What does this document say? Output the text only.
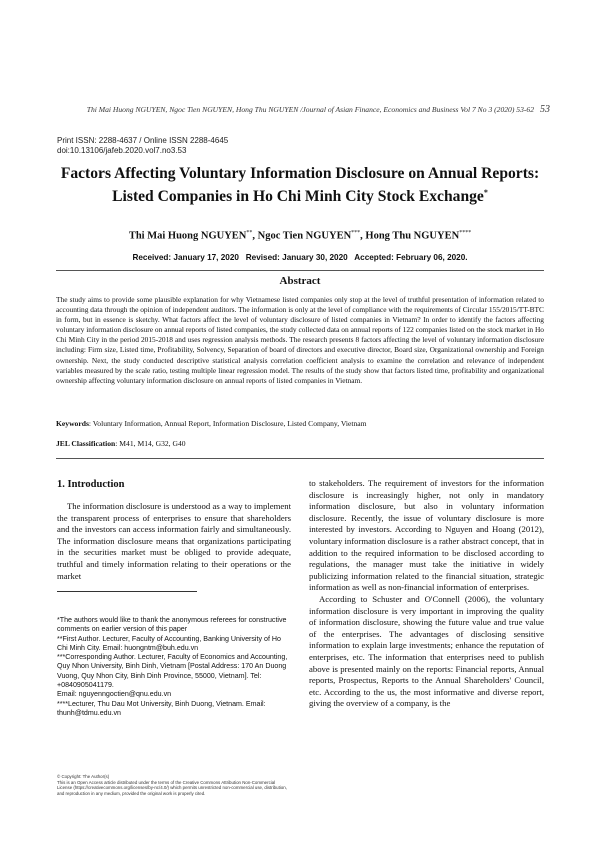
Thi Mai Huong NGUYEN, Ngoc Tien NGUYEN, Hong Thu NGUYEN /Journal of Asian Finance, Economics and Business Vol 7 No 3 (2020) 53-62 53
Print ISSN: 2288-4637 / Online ISSN 2288-4645
doi:10.13106/jafeb.2020.vol7.no3.53
Factors Affecting Voluntary Information Disclosure on Annual Reports:
Listed Companies in Ho Chi Minh City Stock Exchange*
Thi Mai Huong NGUYEN**, Ngoc Tien NGUYEN***, Hong Thu NGUYEN****
Received: January 17, 2020   Revised: January 30, 2020   Accepted: February 06, 2020.
Abstract
The study aims to provide some plausible explanation for why Vietnamese listed companies only stop at the level of truthful presentation of information related to accounting data through the opinion of independent auditors. The information is only at the level of compliance with the requirements of Circular 155/2015/TT-BTC in form, but in essence is sketchy. What factors affect the level of voluntary disclosure of listed companies in Vietnam? In order to identify the factors affecting voluntary information disclosure on annual reports of listed companies, the study collected data on annual reports of 122 companies listed on the stock market in Ho Chi Minh City in the period 2015-2018 and uses regression analysis methods. The research presents 8 factors affecting the level of voluntary information disclosure including: Firm size, Listed time, Profitability, Solvency, Separation of board of directors and executive director, Board size, Organizational ownership and Foreign ownership. Next, the study conducted descriptive statistical analysis correlation coefficient analysis to examine the correlation and relevance of independent variables measured by the scale ratio, testing multiple linear regression model. The results of the study show that factors listed time, profitability and organizational ownership affecting voluntary information disclosure on annual reports of listed companies in Vietnam.
Keywords: Voluntary Information, Annual Report, Information Disclosure, Listed Company, Vietnam
JEL Classification: M41, M14, G32, G40
1. Introduction
The information disclosure is understood as a way to implement the transparent process of enterprises to ensure that shareholders and the investors can access information fairly and simultaneously. The information disclosure means that organizations participating in the securities market must be obliged to provide adequate, truthful and timely information relating to their operations or the market

*The authors would like to thank the anonymous referees for constructive comments on earlier version of this paper

**First Author. Lecturer, Faculty of Accounting, Banking University of Ho Chi Minh City. Email: huongntm@buh.edu.vn

***Corresponding Author. Lecturer, Faculty of Economics and Accounting, Quy Nhon University, Binh Dinh, Vietnam [Postal Address: 170 An Duong Vuong, Quy Nhon City, Binh Dinh Province, 55000, Vietnam]. Tel: +0840905041179.

Email: nguyenngoctien@qnu.edu.vn

****Lecturer, Thu Dau Mot University, Binh Duong, Vietnam. Email: thunh@tdmu.edu.vn

© Copyright: The Author(s)

This is an Open Access article distributed under the terms of the Creative Commons Attribution Non-Commercial License (https://creativecommons.org/licenses/by-nc/4.0/) which permits unrestricted non-commercial use, distribution, and reproduction in any medium, provided the original work is properly cited.

to stakeholders. The requirement of investors for the information disclosure is increasingly higher, not only in mandatory information disclosure, but also in voluntary information disclosure. Recently, the issue of voluntary disclosure is more interested by investors. According to Nguyen and Hoang (2012), voluntary information disclosure is a rather abstract concept, that in addition to the required information to be disclosed according to regulations, the manager must take the initiative in widely publicizing information related to the financial situation, strategic information as well as non-financial information of enterprises.

According to Schuster and O'Connell (2006), the voluntary information disclosure is very important in improving the quality of information disclosure, showing the future value and true value of the enterprises. The advantages of disclosing sensitive information to explain large investments; enhance the reputation of enterprises, etc. The information that enterprises need to publish above is presented mainly on the reports: Financial reports, Annual reports, Prospectus, Reports to the Annual Shareholders' Council, etc. According to the us, the most informative and diverse report, giving the overview of a company, is the
